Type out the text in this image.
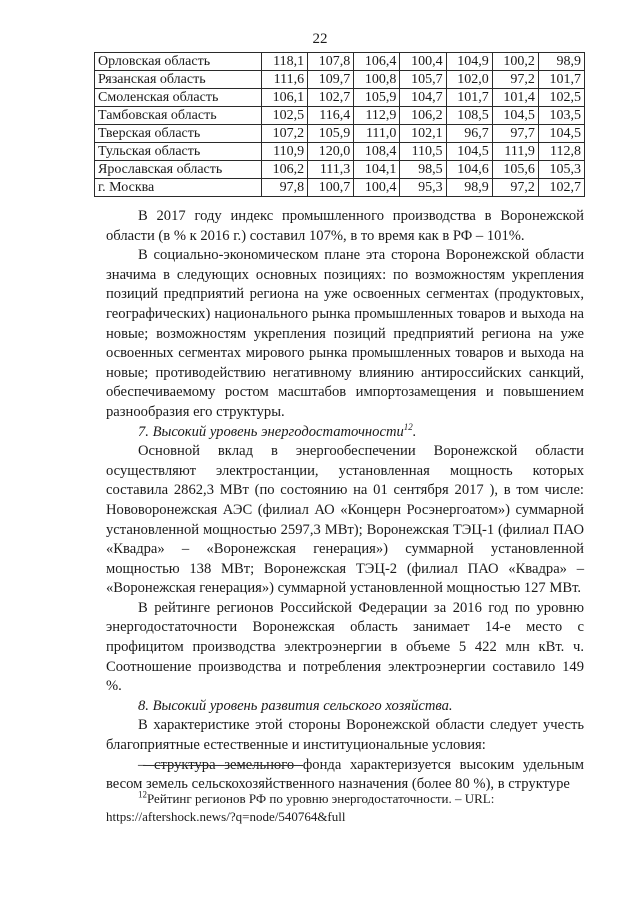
22
Орловская область	118,1	107,8	106,4	100,4	104,9	100,2	98,9
Рязанская область	111,6	109,7	100,8	105,7	102,0	97,2	101,7
Смоленская область	106,1	102,7	105,9	104,7	101,7	101,4	102,5
Тамбовская область	102,5	116,4	112,9	106,2	108,5	104,5	103,5
Тверская область	107,2	105,9	111,0	102,1	96,7	97,7	104,5
Тульская область	110,9	120,0	108,4	110,5	104,5	111,9	112,8
Ярославская область	106,2	111,3	104,1	98,5	104,6	105,6	105,3
г. Москва	97,8	100,7	100,4	95,3	98,9	97,2	102,7

В 2017 году индекс промышленного производства в Воронежской области (в % к 2016 г.) составил 107%, в то время как в РФ – 101%.

В социально-экономическом плане эта сторона Воронежской области значима в следующих основных позициях: по возможностям укрепления позиций предприятий региона на уже освоенных сегментах (продуктовых, географических) национального рынка промышленных товаров и выхода на новые; возможностям укрепления позиций предприятий региона на уже освоенных сегментах мирового рынка промышленных товаров и выхода на новые; противодействию негативному влиянию антироссийских санкций, обеспечиваемому ростом масштабов импортозамещения и повышением разнообразия его структуры.

7. Высокий уровень энергодостаточности$^{12}$.

Основной вклад в энергообеспечении Воронежской области осуществляют электростанции, установленная мощность которых составила 2862,3 МВт (по состоянию на 01 сентября 2017 ), в том числе: Нововоронежская АЭС (филиал АО «Концерн Росэнергоатом») суммарной установленной мощностью 2597,3 МВт); Воронежская ТЭЦ-1 (филиал ПАО «Квадра» – «Воронежская генерация») суммарной установленной мощностью 138 МВт; Воронежская ТЭЦ-2 (филиал ПАО «Квадра» – «Воронежская генерация») суммарной установленной мощностью 127 МВт.

В рейтинге регионов Российской Федерации за 2016 год по уровню энергодостаточности Воронежская область занимает 14-е место с профицитом производства электроэнергии в объеме 5 422 млн кВт. ч. Соотношение производства и потребления электроэнергии составило 149 %.

8. Высокий уровень развития сельского хозяйства.

В характеристике этой стороны Воронежской области следует учесть благоприятные естественные и институциональные условия:

– структура земельного фонда характеризуется высоким удельным весом земель сельскохозяйственного назначения (более 80 %), в структуре

$^{12}$Рейтинг регионов РФ по уровню энергодостаточности. – URL:
https://aftershock.news/?q=node/540764&full
